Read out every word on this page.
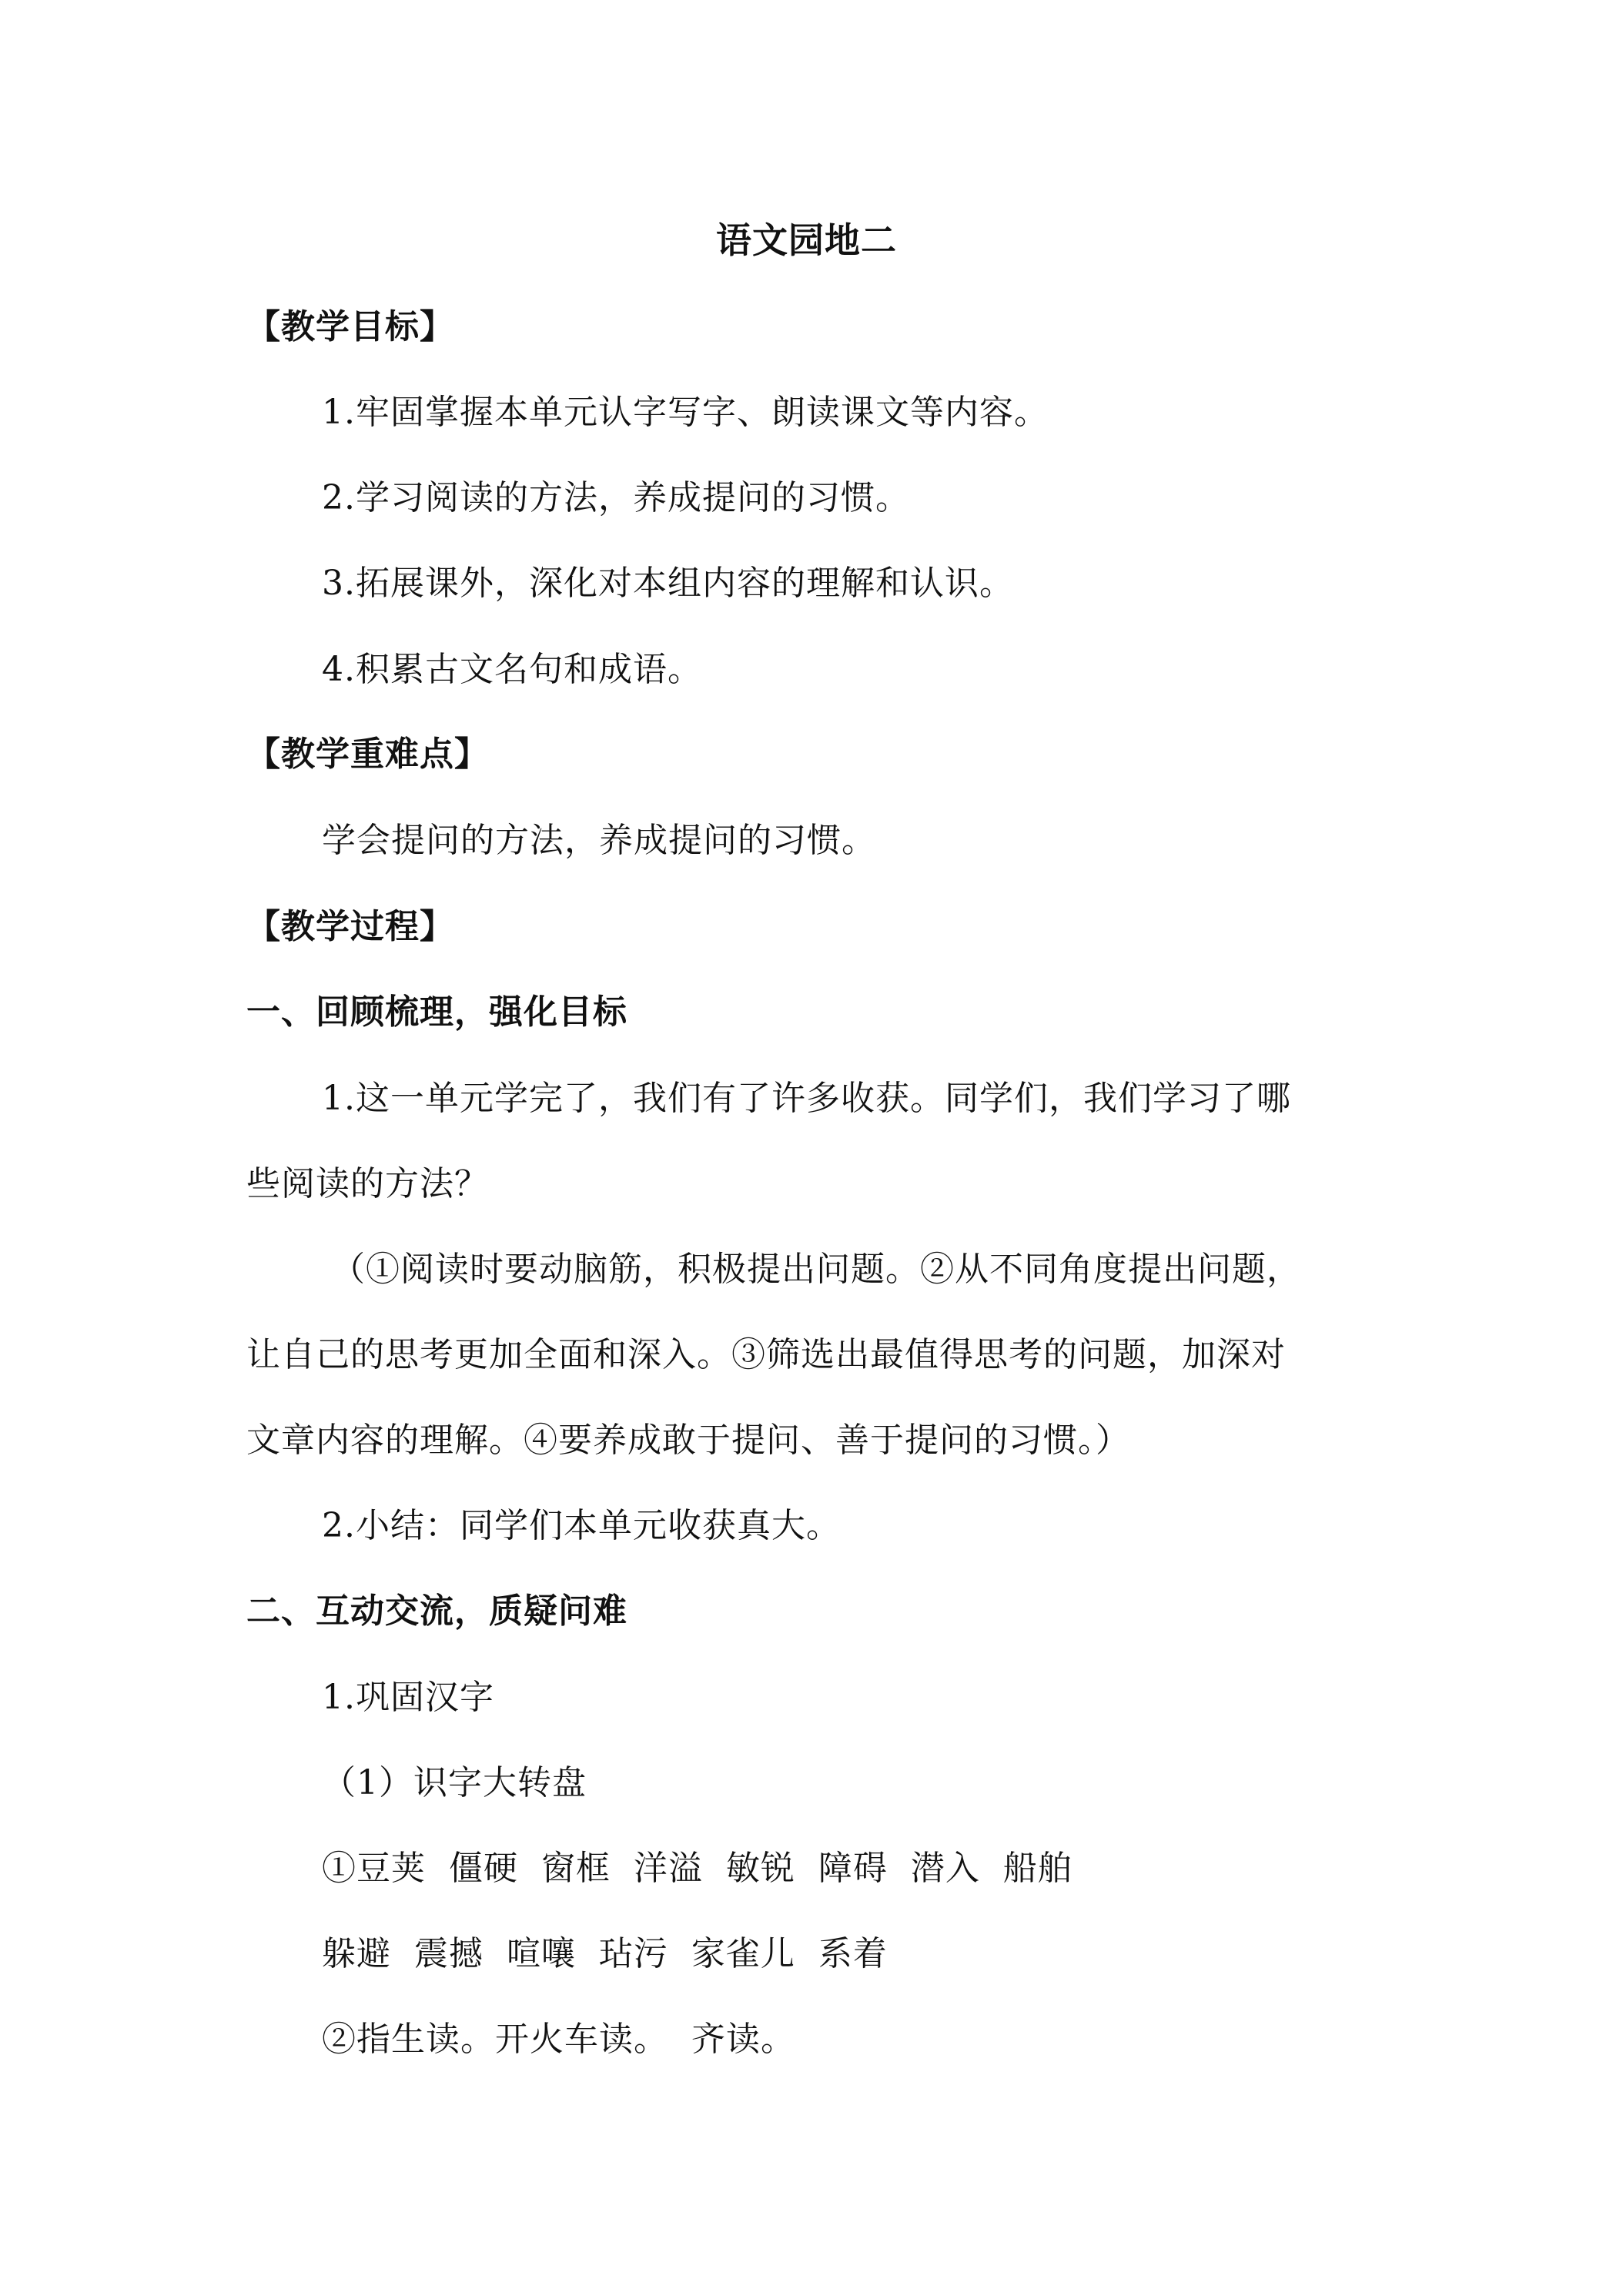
语文园地二
【教学目标】
1.牢固掌握本单元认字写字、朗读课文等内容。
2.学习阅读的方法，养成提问的习惯。
3.拓展课外，深化对本组内容的理解和认识。
4.积累古文名句和成语。
【教学重难点】
学会提问的方法，养成提问的习惯。
【教学过程】
一、回顾梳理，强化目标
1.这一单元学完了，我们有了许多收获。同学们，我们学习了哪
些阅读的方法？
（①阅读时要动脑筋，积极提出问题。②从不同角度提出问题，
让自己的思考更加全面和深入。③筛选出最值得思考的问题，加深对
文章内容的理解。④要养成敢于提问、善于提问的习惯。）
2.小结：同学们本单元收获真大。
二、互动交流，质疑问难
1.巩固汉字
（1）识字大转盘
①豆荚  僵硬  窗框  洋溢  敏锐  障碍  潜入  船舶
躲避  震撼  喧嚷  玷污  家雀儿  系着
②指生读。开火车读。  齐读。
